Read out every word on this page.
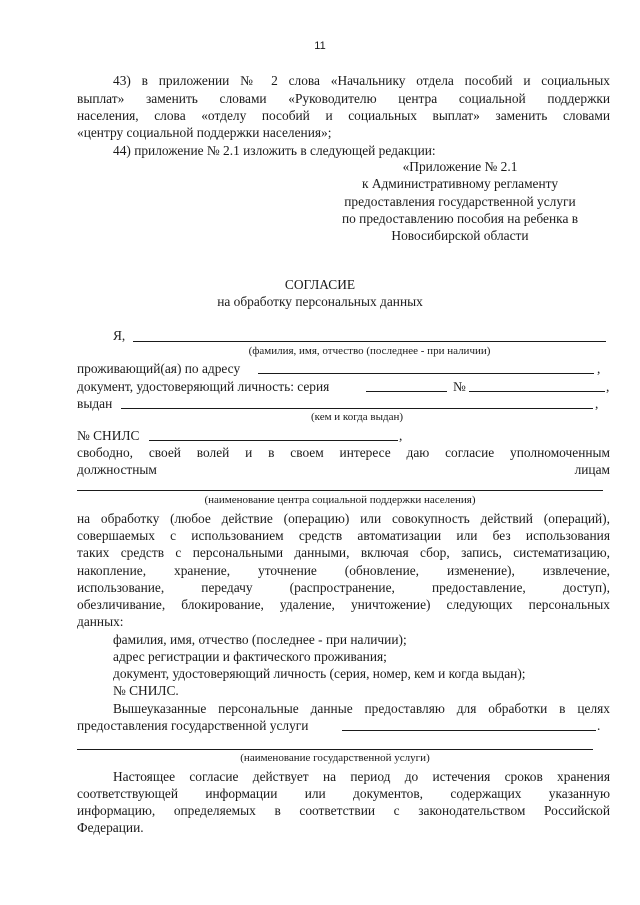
11
43) в приложении № 2 слова «Начальнику отдела пособий и социальных
выплат» заменить словами «Руководителю центра социальной поддержки
населения, слова «отделу пособий и социальных выплат» заменить словами
«центру социальной поддержки населения»;
44) приложение № 2.1 изложить в следующей редакции:
«Приложение № 2.1
к Административному регламенту
предоставления государственной услуги
по предоставлению пособия на ребенка в
Новосибирской области
СОГЛАСИЕ
на обработку персональных данных
Я,
(фамилия, имя, отчество (последнее - при наличии)
проживающий(ая) по адресу	,
документ, удостоверяющий личность: серия	№	,
выдан	,
(кем и когда выдан)
№ СНИЛС	,
свободно, своей волей и в своем интересе даю согласие уполномоченным
должностным	лицам
(наименование центра социальной поддержки населения)
на обработку (любое действие (операцию) или совокупность действий (операций),
совершаемых с использованием средств автоматизации или без использования
таких средств с персональными данными, включая сбор, запись, систематизацию,
накопление, хранение, уточнение (обновление, изменение), извлечение,
использование, передачу (распространение, предоставление, доступ),
обезличивание, блокирование, удаление, уничтожение) следующих персональных
данных:
фамилия, имя, отчество (последнее - при наличии);
адрес регистрации и фактического проживания;
документ, удостоверяющий личность (серия, номер, кем и когда выдан);
№ СНИЛС.
Вышеуказанные персональные данные предоставляю для обработки в целях
предоставления государственной услуги	.
(наименование государственной услуги)
Настоящее согласие действует на период до истечения сроков хранения
соответствующей информации или документов, содержащих указанную
информацию, определяемых в соответствии с законодательством Российской
Федерации.
